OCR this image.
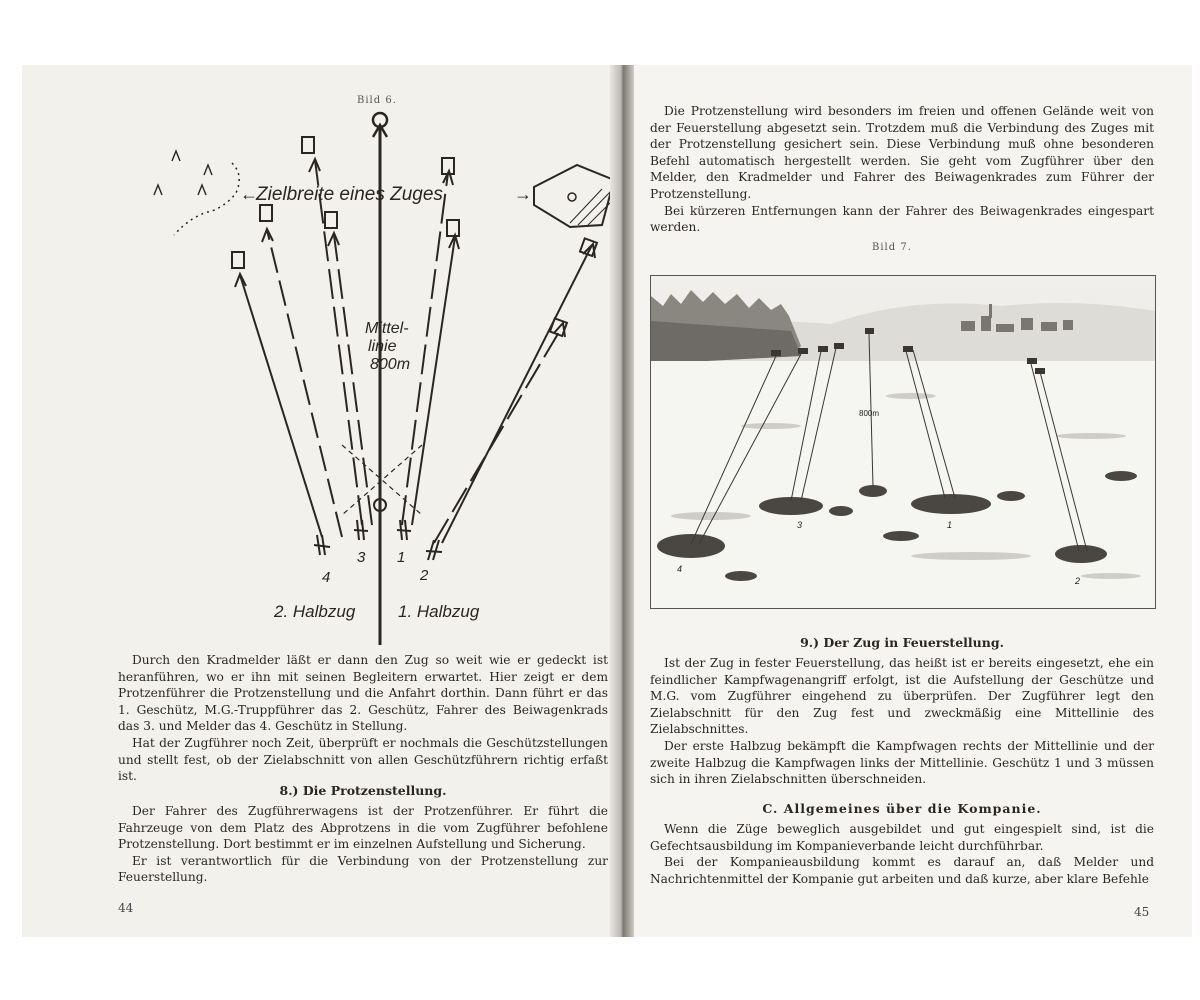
Bild 6.
Zielbreite eines Zuges
←	→
Mittel-
linie
800m
3 1
4	2
2. Halbzug	1. Halbzug

Durch den Kradmelder läßt er dann den Zug so weit wie er gedeckt ist heranführen, wo er ihn mit seinen Begleitern erwartet. Hier zeigt er dem Protzenführer die Protzenstellung und die Anfahrt dorthin. Dann führt er das 1. Geschütz, M.G.-Truppführer das 2. Geschütz, Fahrer des Beiwagenkrads das 3. und Melder das 4. Geschütz in Stellung.

Hat der Zugführer noch Zeit, überprüft er nochmals die Geschützstellungen und stellt fest, ob der Zielabschnitt von allen Geschützführern richtig erfaßt ist.

8.) Die Protzenstellung.

Der Fahrer des Zugführerwagens ist der Protzenführer. Er führt die Fahrzeuge von dem Platz des Abprotzens in die vom Zugführer befohlene Protzenstellung. Dort bestimmt er im einzelnen Aufstellung und Sicherung.

Er ist verantwortlich für die Verbindung von der Protzenstellung zur Feuerstellung.

44

Die Protzenstellung wird besonders im freien und offenen Gelände weit von der Feuerstellung abgesetzt sein. Trotzdem muß die Verbindung des Zuges mit der Protzenstellung gesichert sein. Diese Verbindung muß ohne besonderen Befehl automatisch hergestellt werden. Sie geht vom Zugführer über den Melder, den Kradmelder und Fahrer des Beiwagenkrades zum Führer der Protzenstellung.

Bei kürzeren Entfernungen kann der Fahrer des Beiwagenkrades eingespart werden.

Bild 7.
800m
3	1
4
2

9.) Der Zug in Feuerstellung.

Ist der Zug in fester Feuerstellung, das heißt ist er bereits eingesetzt, ehe ein feindlicher Kampfwagenangriff erfolgt, ist die Aufstellung der Geschütze und M.G. vom Zugführer eingehend zu überprüfen. Der Zugführer legt den Zielabschnitt für den Zug fest und zweckmäßig eine Mittellinie des Zielabschnittes.

Der erste Halbzug bekämpft die Kampfwagen rechts der Mittellinie und der zweite Halbzug die Kampfwagen links der Mittellinie. Geschütz 1 und 3 müssen sich in ihren Zielabschnitten überschneiden.

C. Allgemeines über die Kompanie.

Wenn die Züge beweglich ausgebildet und gut eingespielt sind, ist die Gefechtsausbildung im Kompanieverbande leicht durchführbar.

Bei der Kompanieausbildung kommt es darauf an, daß Melder und Nachrichtenmittel der Kompanie gut arbeiten und daß kurze, aber klare Befehle

45
